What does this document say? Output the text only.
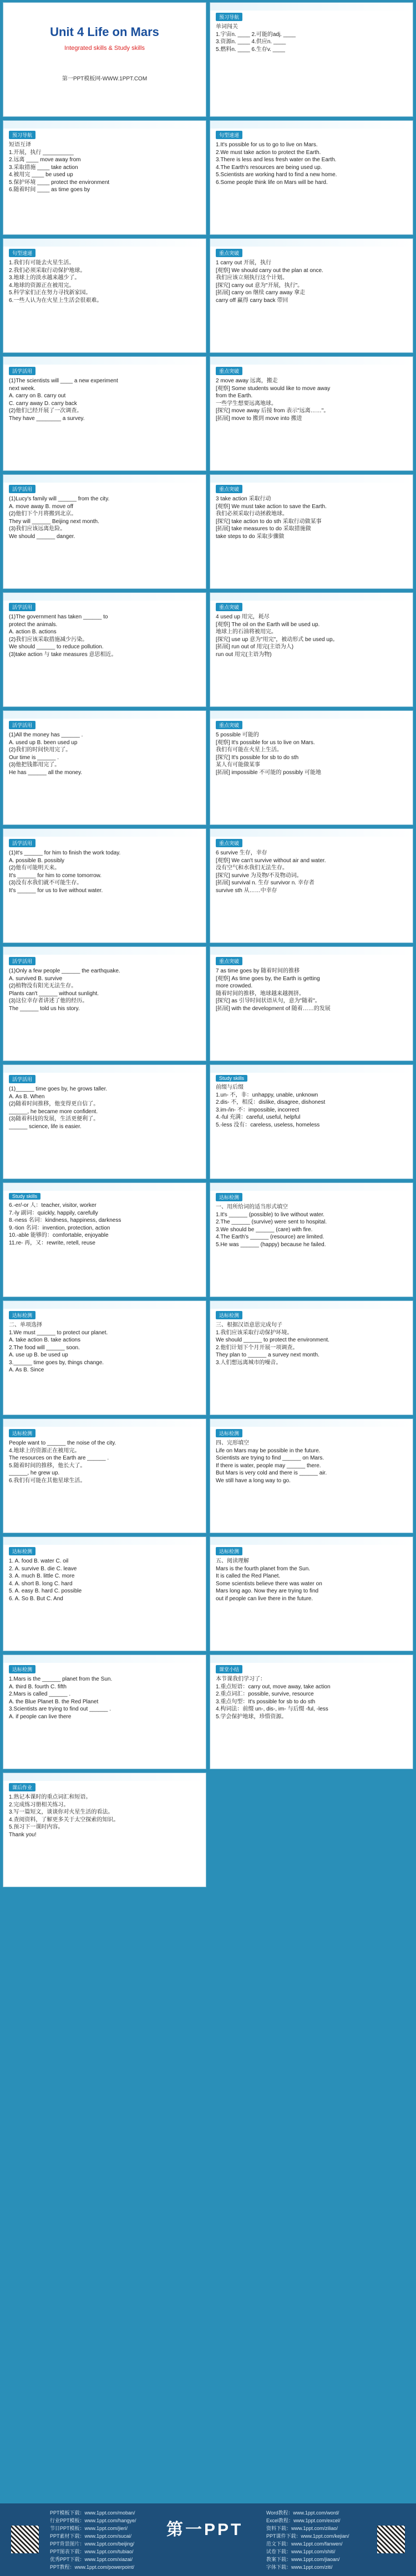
Unit 4 Life on Mars
Integrated skills & Study skills
第一PPT模板网-WWW.1PPT.COM
预习导航
单词闯关
1.宇宙n. ____ 2.可能的adj. ____
3.资源n. ____ 4.供应n. ____
5.燃料n. ____ 6.生存v. ____
预习导航
短语互译
1.开展，执行 __________
2.远离 ____ move away from
3.采取措施 ____ take action
4.被用完 ____ be used up
5.保护环境 ____ protect the environment
6.随着时间 ____ as time goes by
句型速递
1.It's possible for us to go to live on Mars.
2.We must take action to protect the Earth.
3.There is less and less fresh water on the Earth.
4.The Earth's resources are being used up.
5.Scientists are working hard to find a new home.
6.Some people think life on Mars will be hard.
句型速递
1.我们有可能去火星生活。
2.我们必须采取行动保护地球。
3.地球上的淡水越来越少了。
4.地球的资源正在被用完。
5.科学家们正在努力寻找新家园。
6.一些人认为在火星上生活会很艰难。
重点突破
1 carry out 开展，执行
[观察] We should carry out the plan at once.
我们应该立刻执行这个计划。
[探究] carry out 意为"开展，执行"。
[拓展] carry on 继续 carry away 拿走
carry off 赢得 carry back 带回
活学活用
(1)The scientists will ____ a new experiment
next week.
A. carry on B. carry out
C. carry away D. carry back
(2)他们已经开展了一次调查。
They have ________ a survey.
重点突破
2 move away 远离，搬走
[观察] Some students would like to move away
from the Earth.
一些学生想要远离地球。
[探究] move away 后接 from 表示"远离……"。
[拓展] move to 搬到 move into 搬进
活学活用
(1)Lucy's family will ______ from the city.
A. move away B. move off
(2)他们下个月将搬到北京。
They will ______ Beijing next month.
(3)我们应该远离危险。
We should ______ danger.
重点突破
3 take action 采取行动
[观察] We must take action to save the Earth.
我们必须采取行动拯救地球。
[探究] take action to do sth 采取行动做某事
[拓展] take measures to do 采取措施做
take steps to do 采取步骤做
活学活用
(1)The government has taken ______ to
protect the animals.
A. action B. actions
(2)我们应该采取措施减少污染。
We should ______ to reduce pollution.
(3)take action 与 take measures 意思相近。
重点突破
4 used up 用完，耗尽
[观察] The oil on the Earth will be used up.
地球上的石油将被用完。
[探究] use up 意为"用完"，被动形式 be used up。
[拓展] run out of 用完(主语为人)
run out 用完(主语为物)
活学活用
(1)All the money has ______ .
A. used up B. been used up
(2)我们的时间快用完了。
Our time is ______ .
(3)他把钱都用完了。
He has ______ all the money.
重点突破
5 possible 可能的
[观察] It's possible for us to live on Mars.
我们有可能在火星上生活。
[探究] It's possible for sb to do sth
某人有可能做某事
[拓展] impossible 不可能的 possibly 可能地
活学活用
(1)It's ______ for him to finish the work today.
A. possible B. possibly
(2)他有可能明天来。
It's ______ for him to come tomorrow.
(3)没有水我们就不可能生存。
It's ______ for us to live without water.
重点突破
6 survive 生存，幸存
[观察] We can't survive without air and water.
没有空气和水我们无法生存。
[探究] survive 为及物/不及物动词。
[拓展] survival n. 生存 survivor n. 幸存者
survive sth 从……中幸存
活学活用
(1)Only a few people ______ the earthquake.
A. survived B. survive
(2)植物没有阳光无法生存。
Plants can't ______ without sunlight.
(3)这位幸存者讲述了他的经历。
The ______ told us his story.
重点突破
7 as time goes by 随着时间的推移
[观察] As time goes by, the Earth is getting
more crowded.
随着时间的推移，地球越来越拥挤。
[探究] as 引导时间状语从句，意为"随着"。
[拓展] with the development of 随着……的发展
活学活用
(1)______ time goes by, he grows taller.
A. As B. When
(2)随着时间推移，他变得更自信了。
______, he became more confident.
(3)随着科技的发展，生活更便利了。
______ science, life is easier.
Study skills
前缀与后缀
1.un- 不，非：unhappy, unable, unknown
2.dis- 不，相反：dislike, disagree, dishonest
3.im-/in- 不：impossible, incorrect
4.-ful 充满：careful, useful, helpful
5.-less 没有：careless, useless, homeless
Study skills
6.-er/-or 人：teacher, visitor, worker
7.-ly 副词：quickly, happily, carefully
8.-ness 名词：kindness, happiness, darkness
9.-tion 名词：invention, protection, action
10.-able 能够的：comfortable, enjoyable
11.re- 再，又：rewrite, retell, reuse
达标检测
一、用所给词的适当形式填空
1.It's ______ (possible) to live without water.
2.The ______ (survive) were sent to hospital.
3.We should be ______ (care) with fire.
4.The Earth's ______ (resource) are limited.
5.He was ______ (happy) because he failed.
达标检测
二、单项选择
1.We must ______ to protect our planet.
A. take action B. take actions
2.The food will ______ soon.
A. use up B. be used up
3.______ time goes by, things change.
A. As B. Since
达标检测
三、根据汉语意思完成句子
1.我们应该采取行动保护环境。
We should ______ to protect the environment.
2.他们计划下个月开展一项调查。
They plan to ______ a survey next month.
3.人们想远离城市的噪音。
达标检测
People want to ______ the noise of the city.
4.地球上的资源正在被用完。
The resources on the Earth are ______ .
5.随着时间的推移，他长大了。
______, he grew up.
6.我们有可能在其他星球生活。
达标检测
四、完形填空
Life on Mars may be possible in the future.
Scientists are trying to find ______ on Mars.
If there is water, people may ______ there.
But Mars is very cold and there is ______ air.
We still have a long way to go.
达标检测
1. A. food B. water C. oil
2. A. survive B. die C. leave
3. A. much B. little C. more
4. A. short B. long C. hard
5. A. easy B. hard C. possible
6. A. So B. But C. And
达标检测
五、阅读理解
Mars is the fourth planet from the Sun.
It is called the Red Planet.
Some scientists believe there was water on
Mars long ago. Now they are trying to find
out if people can live there in the future.
达标检测
1.Mars is the ______ planet from the Sun.
A. third B. fourth C. fifth
2.Mars is called ______ .
A. the Blue Planet B. the Red Planet
3.Scientists are trying to find out ______ .
A. if people can live there
课堂小结
本节课我们学习了：
1.重点短语：carry out, move away, take action
2.重点词汇：possible, survive, resource
3.重点句型：It's possible for sb to do sth
4.构词法：前缀 un-, dis-, im- 与后缀 -ful, -less
5.学会保护地球，珍惜资源。
课后作业
1.熟记本课时的重点词汇和短语。
2.完成练习册相关练习。
3.写一篇短文，谈谈你对火星生活的看法。
4.查阅资料，了解更多关于太空探索的知识。
5.预习下一课时内容。
Thank you!
第一PPT
PPT模板下载：www.1ppt.com/moban/
行业PPT模板：www.1ppt.com/hangye/
节日PPT模板：www.1ppt.com/jieri/
PPT素材下载：www.1ppt.com/sucai/
PPT背景图片：www.1ppt.com/beijing/
PPT图表下载：www.1ppt.com/tubiao/
优秀PPT下载：www.1ppt.com/xiazai/
PPT教程：www.1ppt.com/powerpoint/
Word教程：www.1ppt.com/word/
Excel教程：www.1ppt.com/excel/
资料下载：www.1ppt.com/ziliao/
PPT课件下载：www.1ppt.com/kejian/
范文下载：www.1ppt.com/fanwen/
试卷下载：www.1ppt.com/shiti/
教案下载：www.1ppt.com/jiaoan/
字体下载：www.1ppt.com/ziti/
